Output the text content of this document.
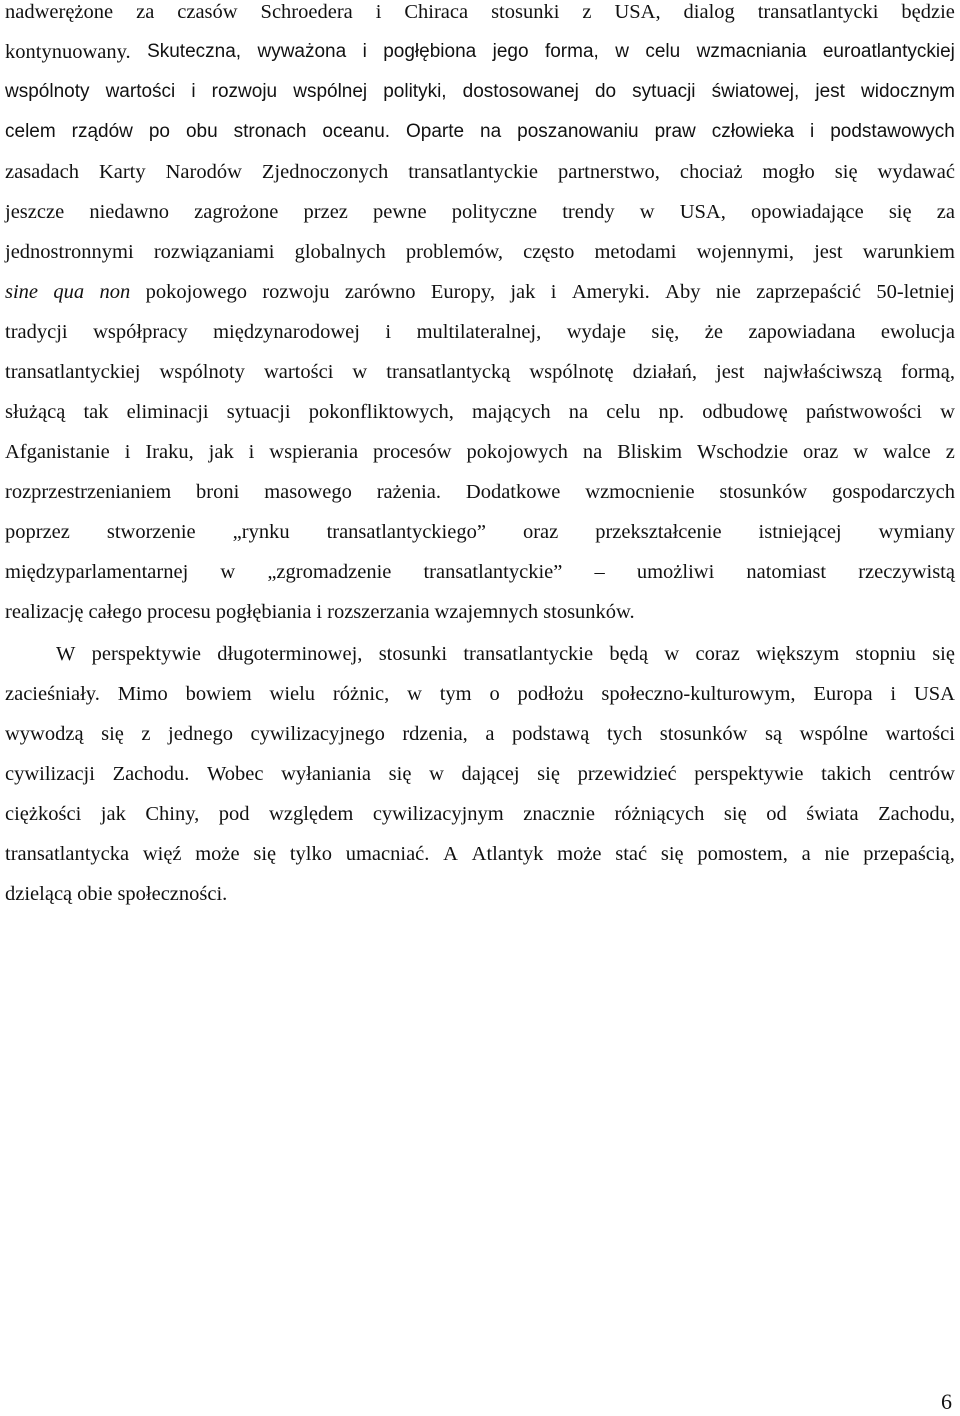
nadwerężone za czasów Schroedera i Chiraca stosunki z USA, dialog transatlantycki będzie
kontynuowany. Skuteczna, wyważona i pogłębiona jego forma, w celu wzmacniania euroatlantyckiej
wspólnoty wartości i rozwoju wspólnej polityki, dostosowanej do sytuacji światowej, jest widocznym
celem rządów po obu stronach oceanu. Oparte na poszanowaniu praw człowieka i podstawowych
zasadach Karty Narodów Zjednoczonych transatlantyckie partnerstwo, chociaż mogło się wydawać
jeszcze niedawno zagrożone przez pewne polityczne trendy w USA, opowiadające się za
jednostronnymi rozwiązaniami globalnych problemów, często metodami wojennymi, jest warunkiem
sine qua non pokojowego rozwoju zarówno Europy, jak i Ameryki. Aby nie zaprzepaścić 50-letniej
tradycji współpracy międzynarodowej i multilateralnej, wydaje się, że zapowiadana ewolucja
transatlantyckiej wspólnoty wartości w transatlantycką wspólnotę działań, jest najwłaściwszą formą,
służącą tak eliminacji sytuacji pokonfliktowych, mających na celu np. odbudowę państwowości w
Afganistanie i Iraku, jak i wspierania procesów pokojowych na Bliskim Wschodzie oraz w walce z
rozprzestrzenianiem broni masowego rażenia. Dodatkowe wzmocnienie stosunków gospodarczych
poprzez stworzenie „rynku transatlantyckiego” oraz przekształcenie istniejącej wymiany
międzyparlamentarnej w „zgromadzenie transatlantyckie” – umożliwi natomiast rzeczywistą
realizację całego procesu pogłębiania i rozszerzania wzajemnych stosunków.
W perspektywie długoterminowej, stosunki transatlantyckie będą w coraz większym stopniu się
zacieśniały. Mimo bowiem wielu różnic, w tym o podłożu społeczno-kulturowym, Europa i USA
wywodzą się z jednego cywilizacyjnego rdzenia, a podstawą tych stosunków są wspólne wartości
cywilizacji Zachodu. Wobec wyłaniania się w dającej się przewidzieć perspektywie takich centrów
ciężkości jak Chiny, pod względem cywilizacyjnym znacznie różniących się od świata Zachodu,
transatlantycka więź może się tylko umacniać. A Atlantyk może stać się pomostem, a nie przepaścią,
dzielącą obie społeczności.
6
